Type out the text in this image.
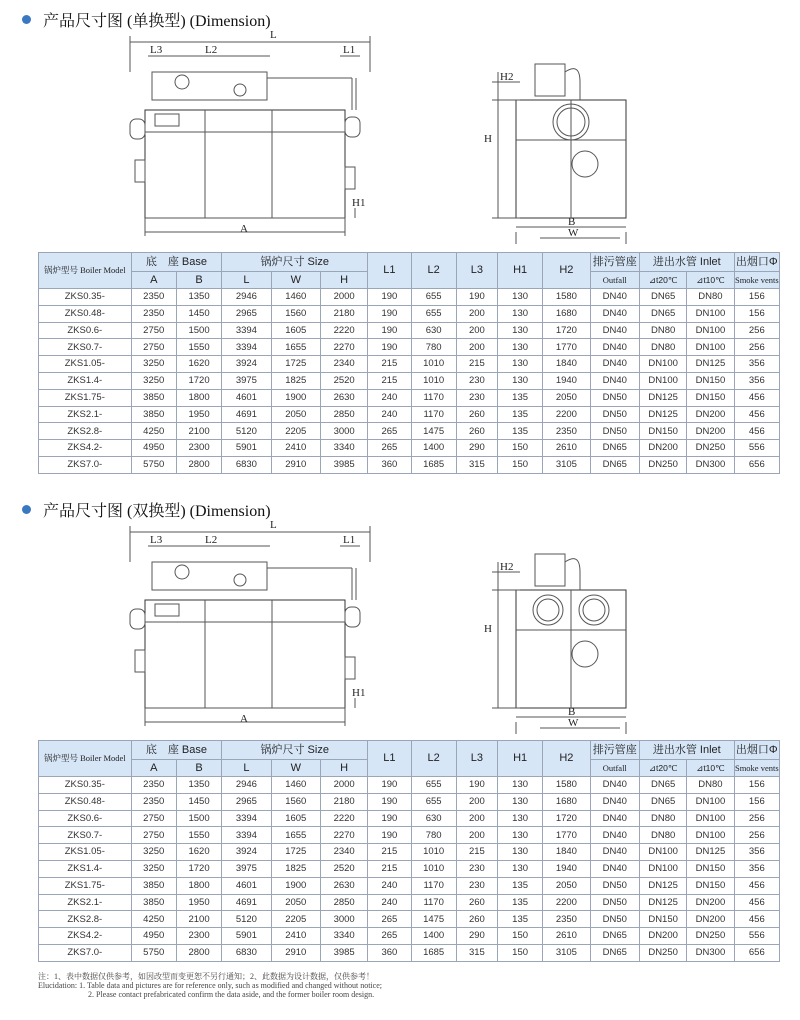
产品尺寸图 (单换型) (Dimension)
L
L3	L2	L1
A
H1
H
H2
B
W
锅炉型号 Boiler Model	底　座 Base		锅炉尺寸 Size			L1	L2	L3	H1	H2	排污管座	进出水管 Inlet		出烟口Φ
	A	B	L	W	H						Outfall	⊿t20℃	⊿t10℃	Smoke vents
ZKS0.35-	2350	1350	2946	1460	2000	190	655	190	130	1580	DN40	DN65	DN80	156
ZKS0.48-	2350	1450	2965	1560	2180	190	655	200	130	1680	DN40	DN65	DN100	156
ZKS0.6-	2750	1500	3394	1605	2220	190	630	200	130	1720	DN40	DN80	DN100	256
ZKS0.7-	2750	1550	3394	1655	2270	190	780	200	130	1770	DN40	DN80	DN100	256
ZKS1.05-	3250	1620	3924	1725	2340	215	1010	215	130	1840	DN40	DN100	DN125	356
ZKS1.4-	3250	1720	3975	1825	2520	215	1010	230	130	1940	DN40	DN100	DN150	356
ZKS1.75-	3850	1800	4601	1900	2630	240	1170	230	135	2050	DN50	DN125	DN150	456
ZKS2.1-	3850	1950	4691	2050	2850	240	1170	260	135	2200	DN50	DN125	DN200	456
ZKS2.8-	4250	2100	5120	2205	3000	265	1475	260	135	2350	DN50	DN150	DN200	456
ZKS4.2-	4950	2300	5901	2410	3340	265	1400	290	150	2610	DN65	DN200	DN250	556
ZKS7.0-	5750	2800	6830	2910	3985	360	1685	315	150	3105	DN65	DN250	DN300	656
产品尺寸图 (双换型) (Dimension)
L
L3	L2	L1
A
H1
H
H2
B
W
锅炉型号 Boiler Model	底　座 Base		锅炉尺寸 Size			L1	L2	L3	H1	H2	排污管座	进出水管 Inlet		出烟口Φ
	A	B	L	W	H						Outfall	⊿t20℃	⊿t10℃	Smoke vents
ZKS0.35-	2350	1350	2946	1460	2000	190	655	190	130	1580	DN40	DN65	DN80	156
ZKS0.48-	2350	1450	2965	1560	2180	190	655	200	130	1680	DN40	DN65	DN100	156
ZKS0.6-	2750	1500	3394	1605	2220	190	630	200	130	1720	DN40	DN80	DN100	256
ZKS0.7-	2750	1550	3394	1655	2270	190	780	200	130	1770	DN40	DN80	DN100	256
ZKS1.05-	3250	1620	3924	1725	2340	215	1010	215	130	1840	DN40	DN100	DN125	356
ZKS1.4-	3250	1720	3975	1825	2520	215	1010	230	130	1940	DN40	DN100	DN150	356
ZKS1.75-	3850	1800	4601	1900	2630	240	1170	230	135	2050	DN50	DN125	DN150	456
ZKS2.1-	3850	1950	4691	2050	2850	240	1170	260	135	2200	DN50	DN125	DN200	456
ZKS2.8-	4250	2100	5120	2205	3000	265	1475	260	135	2350	DN50	DN150	DN200	456
ZKS4.2-	4950	2300	5901	2410	3340	265	1400	290	150	2610	DN65	DN200	DN250	556
ZKS7.0-	5750	2800	6830	2910	3985	360	1685	315	150	3105	DN65	DN250	DN300	656
注：1、表中数据仅供参考，如因改型而变更恕不另行通知；2、此数据为设计数据，仅供参考！
Elucidation: 1. Table data and pictures are for reference only, such as modified and changed without notice;
2. Please contact prefabricated confirm the data aside, and the former boiler room design.
